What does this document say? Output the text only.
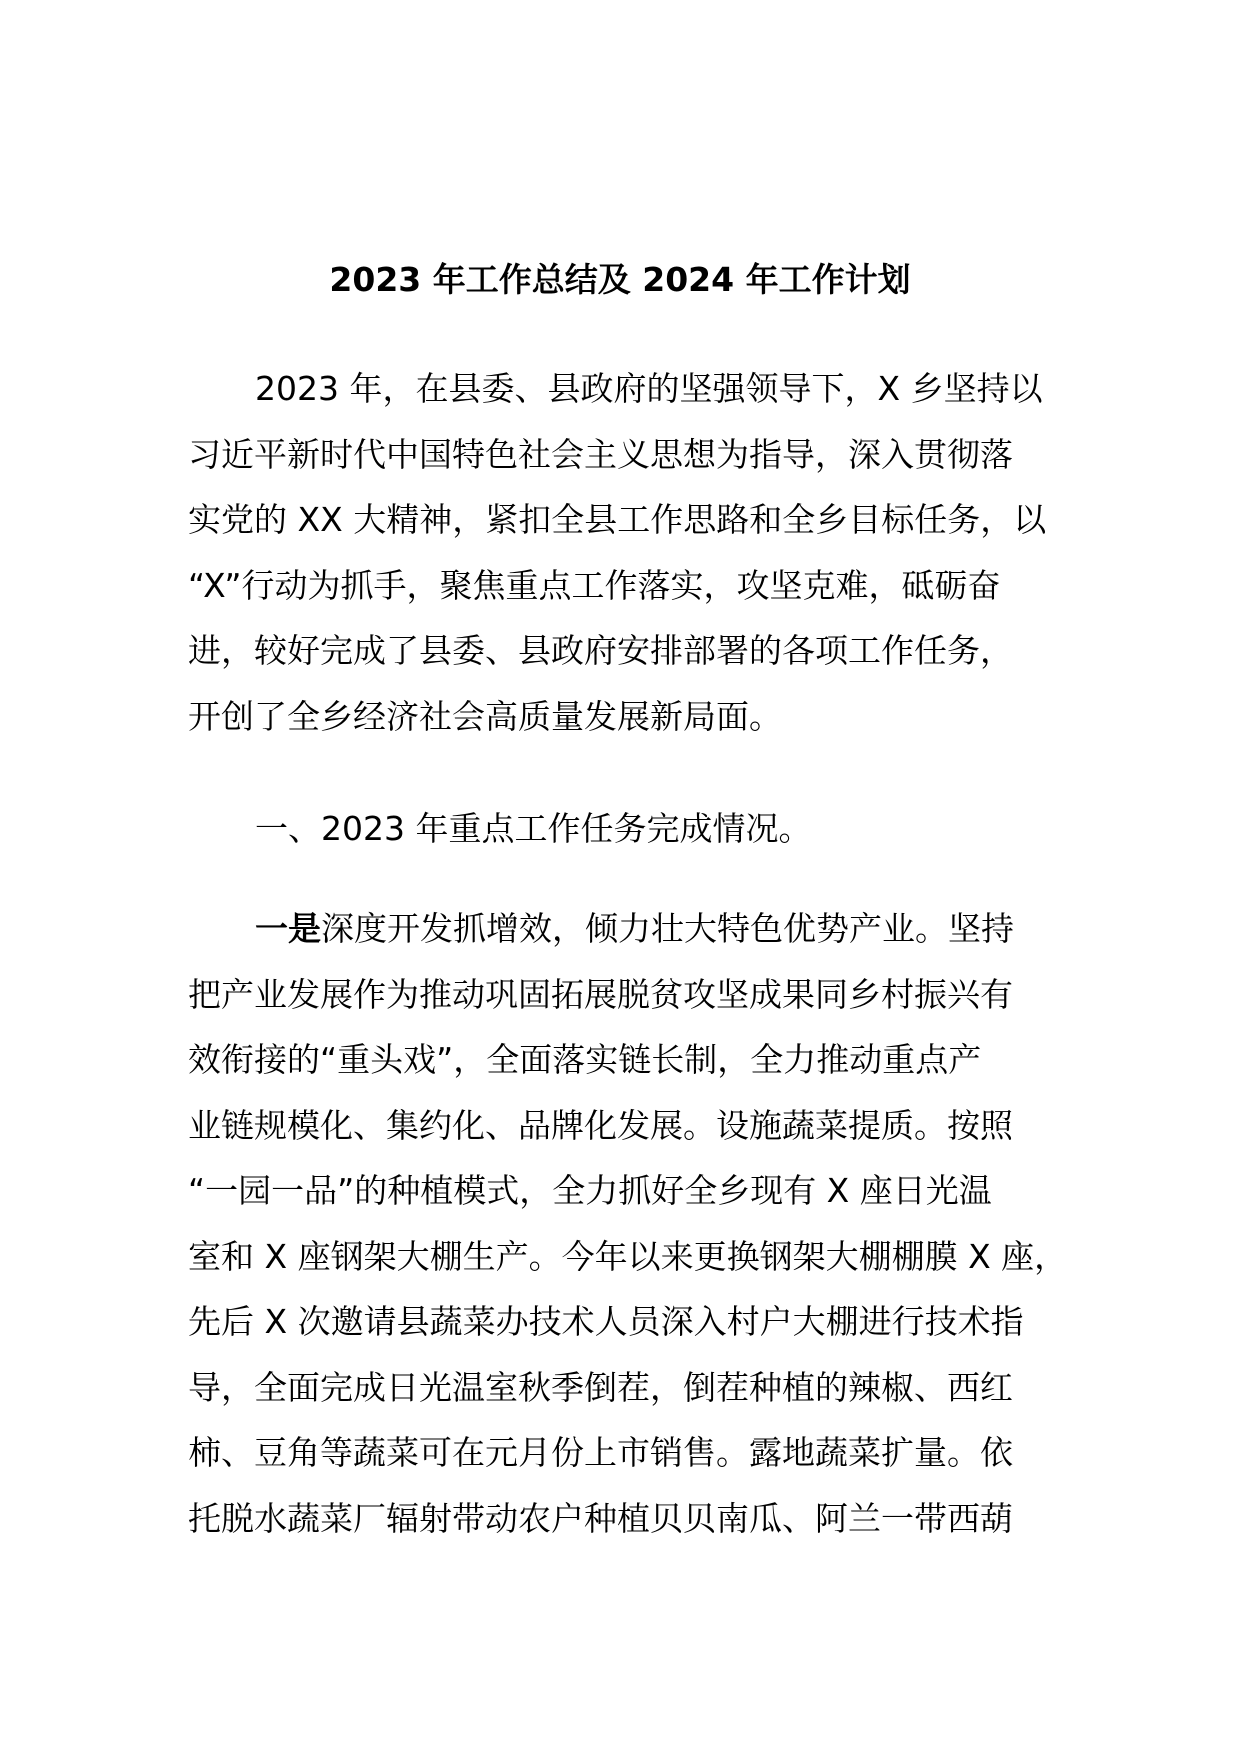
2023 年工作总结及 2024 年工作计划
2023 年，在县委、县政府的坚强领导下，X 乡坚持以
习近平新时代中国特色社会主义思想为指导，深入贯彻落
实党的 XX 大精神，紧扣全县工作思路和全乡目标任务，以
“X”行动为抓手，聚焦重点工作落实，攻坚克难，砥砺奋
进，较好完成了县委、县政府安排部署的各项工作任务，
开创了全乡经济社会高质量发展新局面。
一、2023 年重点工作任务完成情况。
一是深度开发抓增效，倾力壮大特色优势产业。坚持
把产业发展作为推动巩固拓展脱贫攻坚成果同乡村振兴有
效衔接的“重头戏”，全面落实链长制，全力推动重点产
业链规模化、集约化、品牌化发展。设施蔬菜提质。按照
“一园一品”的种植模式，全力抓好全乡现有 X 座日光温
室和 X 座钢架大棚生产。今年以来更换钢架大棚棚膜 X 座，
先后 X 次邀请县蔬菜办技术人员深入村户大棚进行技术指
导，全面完成日光温室秋季倒茬，倒茬种植的辣椒、西红
柿、豆角等蔬菜可在元月份上市销售。露地蔬菜扩量。依
托脱水蔬菜厂辐射带动农户种植贝贝南瓜、阿兰一带西葫
